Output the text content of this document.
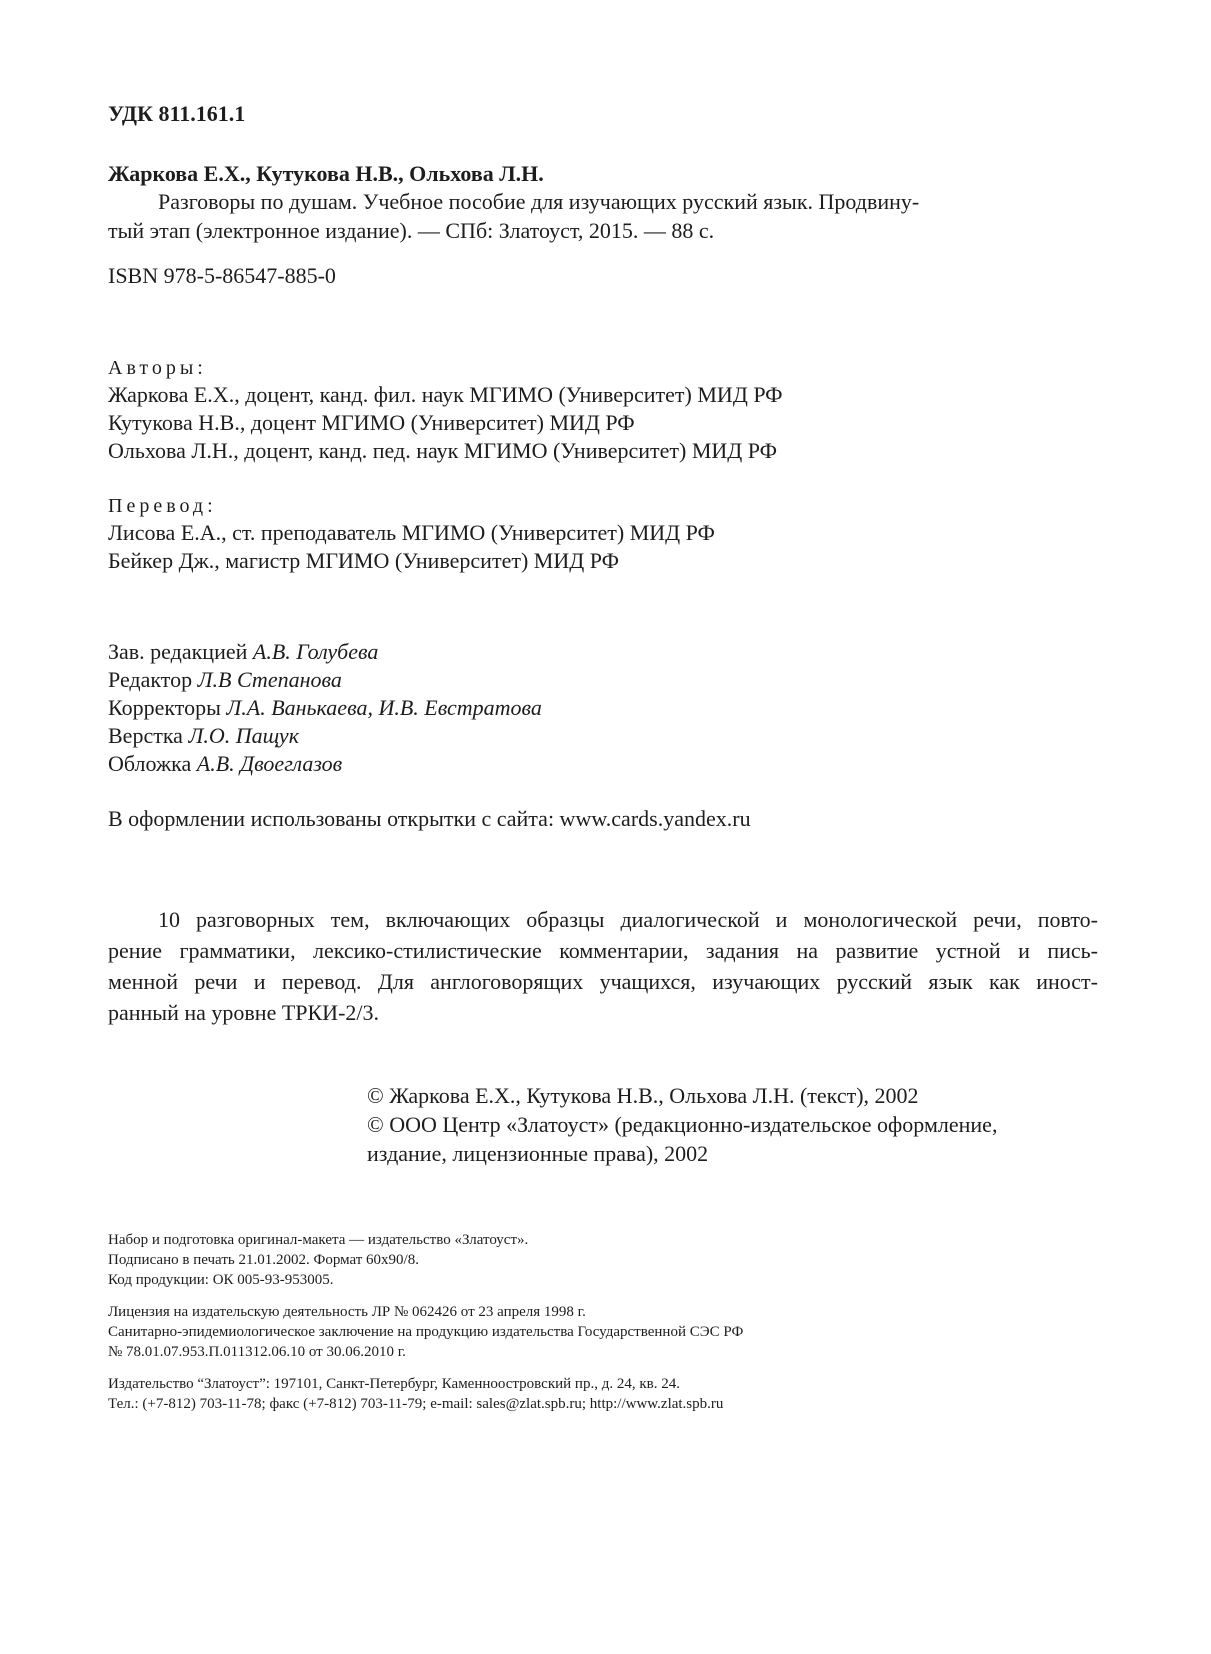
УДК 811.161.1
Жаркова Е.Х., Кутукова Н.В., Ольхова Л.Н.
Разговоры по душам. Учебное пособие для изучающих русский язык. Продвину-
тый этап (электронное издание). — СПб: Златоуст, 2015. — 88 с.
ISBN 978-5-86547-885-0
Авторы:
Жаркова Е.Х., доцент, канд. фил. наук МГИМО (Университет) МИД РФ
Кутукова Н.В., доцент МГИМО (Университет) МИД РФ
Ольхова Л.Н., доцент, канд. пед. наук МГИМО (Университет) МИД РФ
Перевод:
Лисова Е.А., ст. преподаватель МГИМО (Университет) МИД РФ
Бейкер Дж., магистр МГИМО (Университет) МИД РФ
Зав. редакцией А.В. Голубева
Редактор Л.В Степанова
Корректоры Л.А. Ванькаева, И.В. Евстратова
Верстка Л.О. Пащук
Обложка А.В. Двоеглазов
В оформлении использованы открытки с сайта: www.cards.yandex.ru
10 разговорных тем, включающих образцы диалогической и монологической речи, повто-
рение грамматики, лексико-стилистические комментарии, задания на развитие устной и пись-
менной речи и перевод. Для англоговорящих учащихся, изучающих русский язык как иност-
ранный на уровне ТРКИ-2/3.
© Жаркова Е.Х., Кутукова Н.В., Ольхова Л.Н. (текст), 2002
© ООО Центр «Златоуст» (редакционно-издательское оформление,
издание, лицензионные права), 2002
Набор и подготовка оригинал-макета — издательство «Златоуст».
Подписано в печать 21.01.2002. Формат 60x90/8.
Код продукции: ОК 005-93-953005.
Лицензия на издательскую деятельность ЛР № 062426 от 23 апреля 1998 г.
Санитарно-эпидемиологическое заключение на продукцию издательства Государственной СЭС РФ
№ 78.01.07.953.П.011312.06.10 от 30.06.2010 г.
Издательство “Златоуст”: 197101, Санкт-Петербург, Каменноостровский пр., д. 24, кв. 24.
Тел.: (+7-812) 703-11-78; факс (+7-812) 703-11-79; e-mail: sales@zlat.spb.ru; http://www.zlat.spb.ru
